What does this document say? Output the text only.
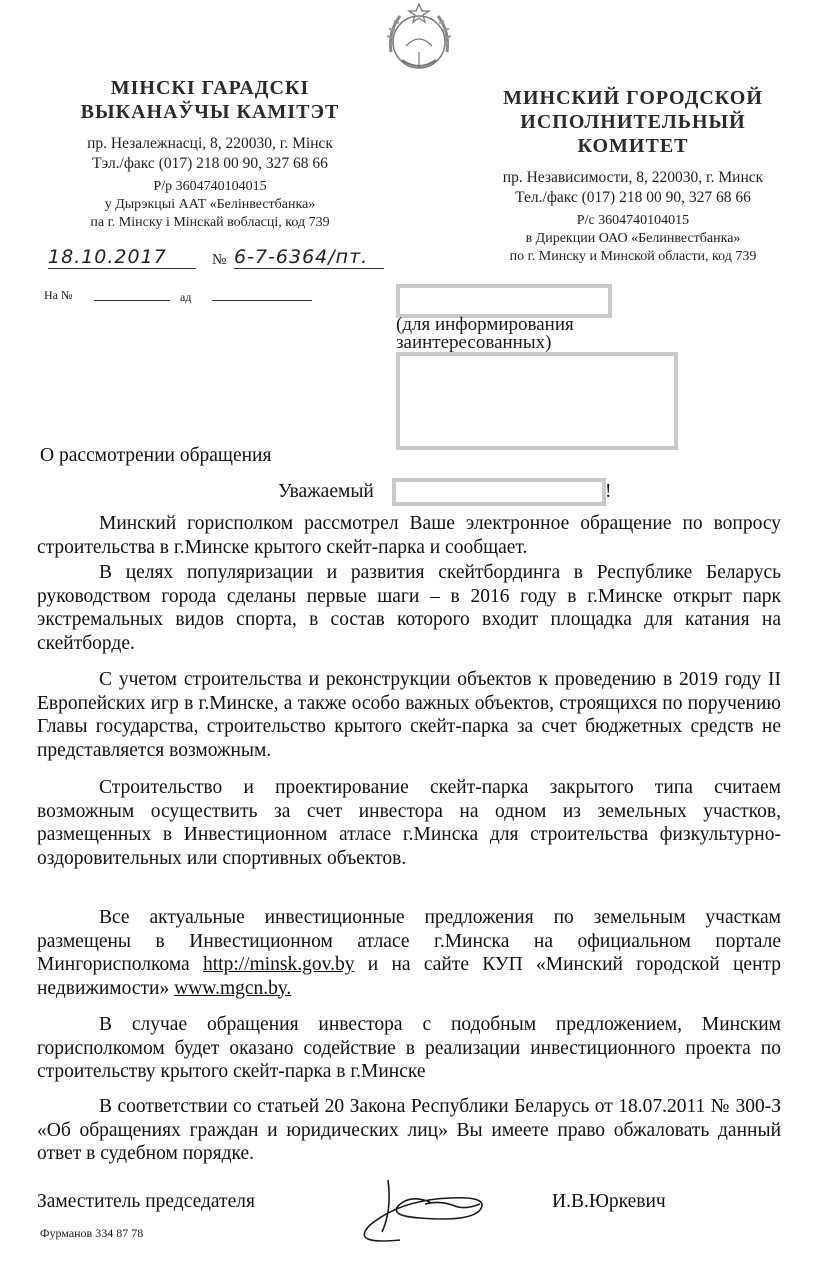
МІНСКІ ГАРАДСКІ
ВЫКАНАЎЧЫ КАМІТЭТ
пр. Незалежнасці, 8, 220030, г. Мінск
Тэл./факс (017) 218 00 90, 327 68 66
Р/р 3604740104015
у Дырэкцыі ААТ «Белінвестбанка»
па г. Мінску і Мінскай вобласці, код 739
МИНСКИЙ ГОРОДСКОЙ
ИСПОЛНИТЕЛЬНЫЙ КОМИТЕТ
пр. Независимости, 8, 220030, г. Минск
Тел./факс (017) 218 00 90, 327 68 66
Р/с 3604740104015
в Дирекции ОАО «Белинвестбанка»
по г. Минску и Минской области, код 739
18.10.2017	№ 6-7-6364/пт.
На №	ад
(для информирования заинтересованных)
О рассмотрении обращения
Уважаемый	!
Минский горисполком рассмотрел Ваше электронное обращение по вопросу строительства в г.Минске крытого скейт-парка и сообщает.
В целях популяризации и развития скейтбординга в Республике Беларусь руководством города сделаны первые шаги – в 2016 году в г.Минске открыт парк экстремальных видов спорта, в состав которого входит площадка для катания на скейтборде.
С учетом строительства и реконструкции объектов к проведению в 2019 году II Европейских игр в г.Минске, а также особо важных объектов, строящихся по поручению Главы государства, строительство крытого скейт-парка за счет бюджетных средств не представляется возможным.
Строительство и проектирование скейт-парка закрытого типа считаем возможным осуществить за счет инвестора на одном из земельных участков, размещенных в Инвестиционном атласе г.Минска для строительства физкультурно-оздоровительных или спортивных объектов.
Все актуальные инвестиционные предложения по земельным участкам размещены в Инвестиционном атласе г.Минска на официальном портале Мингорисполкома http://minsk.gov.by и на сайте КУП «Минский городской центр недвижимости» www.mgcn.by.
В случае обращения инвестора с подобным предложением, Минским горисполкомом будет оказано содействие в реализации инвестиционного проекта по строительству крытого скейт-парка в г.Минске
В соответствии со статьей 20 Закона Республики Беларусь от 18.07.2011 № 300-З «Об обращениях граждан и юридических лиц» Вы имеете право обжаловать данный ответ в судебном порядке.
Заместитель председателя	И.В.Юркевич
Фурманов 334 87 78
